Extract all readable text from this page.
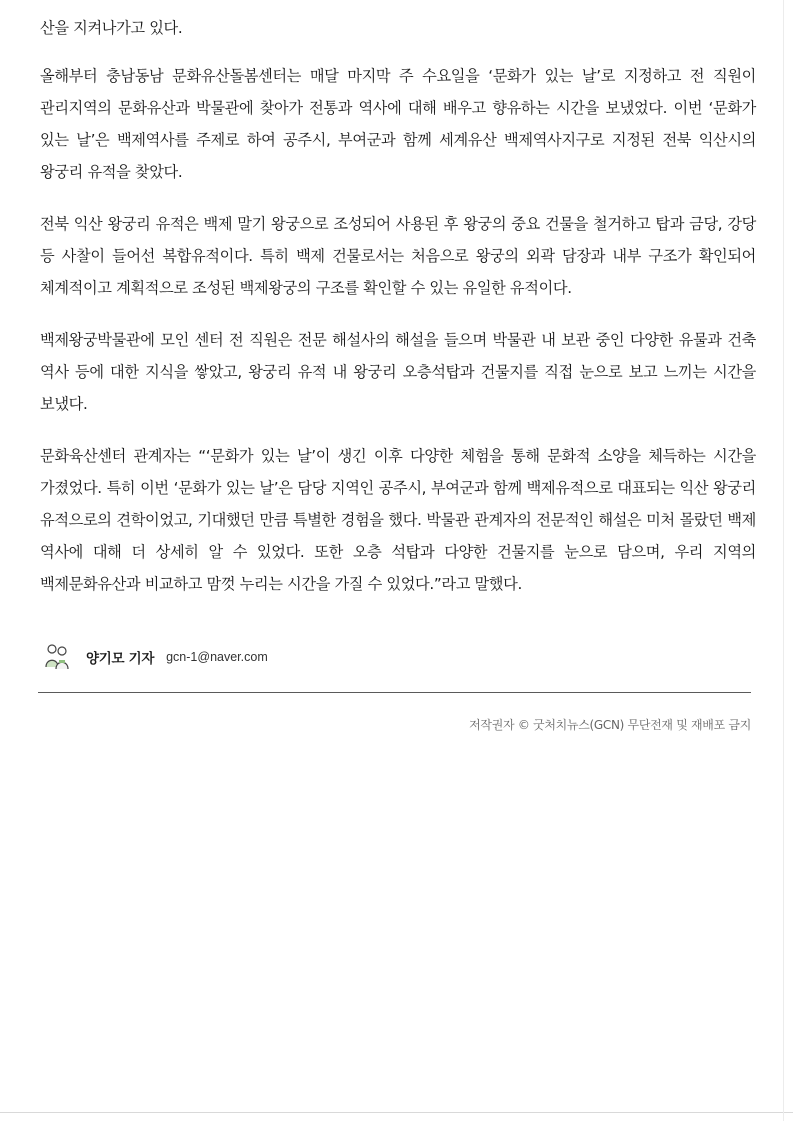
산을 지켜나가고 있다.

올해부터 충남동남 문화유산돌봄센터는 매달 마지막 주 수요일을 ‘문화가 있는 날’로 지정하고 전 직원이 관리지역의 문화유산과 박물관에 찾아가 전통과 역사에 대해 배우고 향유하는 시간을 보냈었다. 이번 ‘문화가 있는 날’은 백제역사를 주제로 하여 공주시, 부여군과 함께 세계유산 백제역사지구로 지정된 전북 익산시의 왕궁리 유적을 찾았다.

전북 익산 왕궁리 유적은 백제 말기 왕궁으로 조성되어 사용된 후 왕궁의 중요 건물을 철거하고 탑과 금당, 강당 등 사찰이 들어선 복합유적이다. 특히 백제 건물로서는 처음으로 왕궁의 외곽 담장과 내부 구조가 확인되어 체계적이고 계획적으로 조성된 백제왕궁의 구조를 확인할 수 있는 유일한 유적이다.

백제왕궁박물관에 모인 센터 전 직원은 전문 해설사의 해설을 들으며 박물관 내 보관 중인 다양한 유물과 건축 역사 등에 대한 지식을 쌓았고, 왕궁리 유적 내 왕궁리 오층석탑과 건물지를 직접 눈으로 보고 느끼는 시간을 보냈다.

문화육산센터 관계자는 “‘문화가 있는 날’이 생긴 이후 다양한 체험을 통해 문화적 소양을 체득하는 시간을 가졌었다. 특히 이번 ‘문화가 있는 날’은 담당 지역인 공주시, 부여군과 함께 백제유적으로 대표되는 익산 왕궁리 유적으로의 견학이었고, 기대했던 만큼 특별한 경험을 했다. 박물관 관계자의 전문적인 해설은 미처 몰랐던 백제 역사에 대해 더 상세히 알 수 있었다. 또한 오층 석탑과 다양한 건물지를 눈으로 담으며, 우리 지역의 백제문화유산과 비교하고 맘껏 누리는 시간을 가질 수 있었다.”라고 말했다.

양기모 기자 gcn-1@naver.com
저작권자 © 굿처치뉴스(GCN) 무단전재 및 재배포 금지
